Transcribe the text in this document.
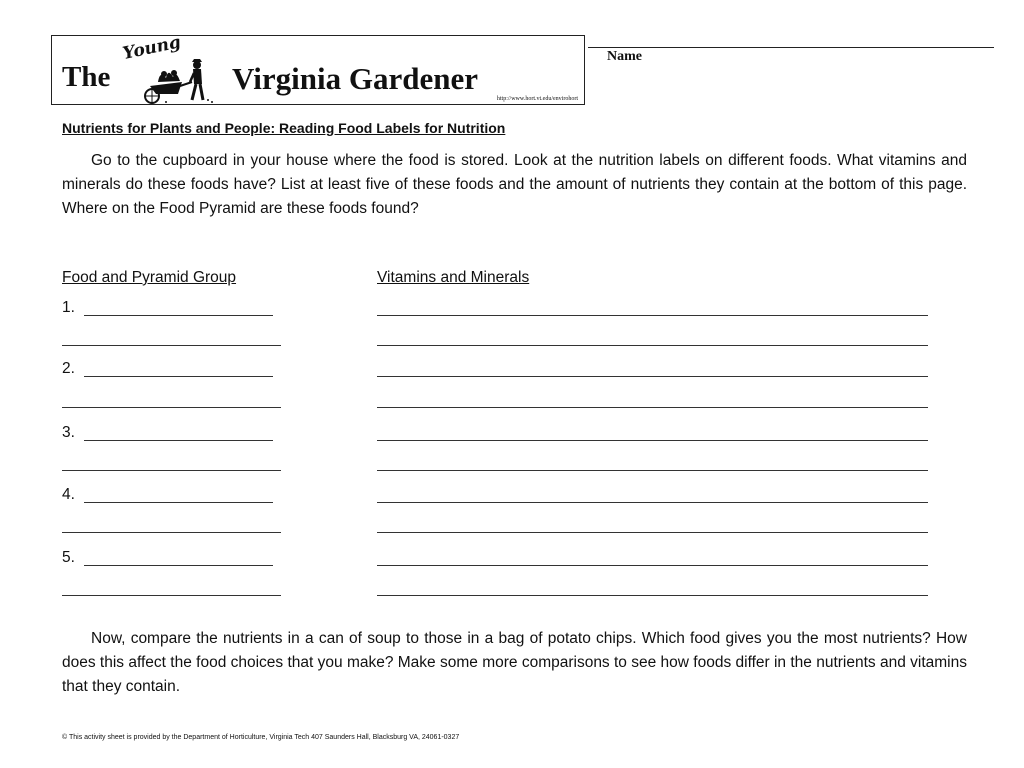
The
Young
Virginia Gardener
http://www.hort.vt.edu/envirohort
Name
Nutrients for Plants and People: Reading Food Labels for Nutrition

Go to the cupboard in your house where the food is stored. Look at the nutrition labels on different foods. What vitamins and minerals do these foods have? List at least five of these foods and the amount of nutrients they contain at the bottom of this page. Where on the Food Pyramid are these foods found?

Food and Pyramid Group	Vitamins and Minerals
1.
2.
3.
4.
5.

Now, compare the nutrients in a can of soup to those in a bag of potato chips. Which food gives you the most nutrients? How does this affect the food choices that you make? Make some more comparisons to see how foods differ in the nutrients and vitamins that they contain.

© This activity sheet is provided by the Department of Horticulture, Virginia Tech 407 Saunders Hall, Blacksburg VA, 24061-0327
